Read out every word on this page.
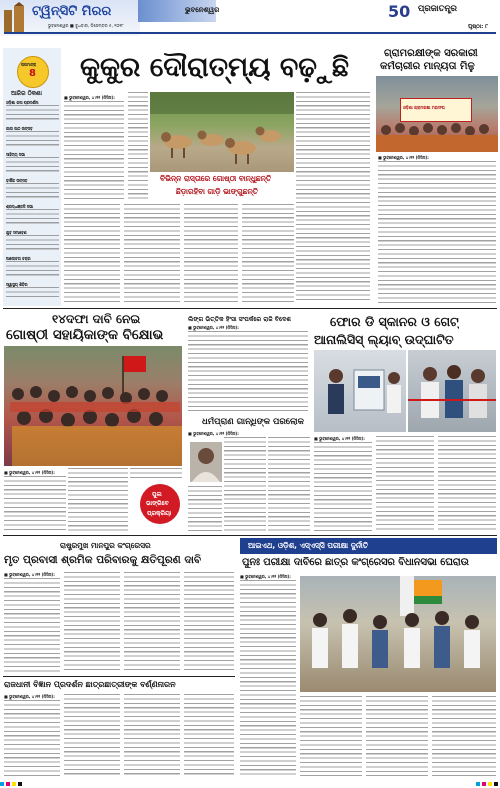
ଟ୍ୱିନ୍‌ସିଟି ମିରର	ଭୁବନେଶ୍ୱର
ଭୁବନେଶ୍ୱର ■ ବୁଧବାର, ଡିସେମ୍ବର ୫, ୨୦୧୮
50 ପ୍ରଜାତନ୍ତ୍ର
ପୃଷ୍ଠା: ୮
ତାପମାତ୍ରା
8
ଆଜିର ଠିକଣା
ଓଡ଼ିଶା କଳା ପ୍ରଦର୍ଶନୀ
ଗୀତା ପାଠ ଉତ୍ସବ
ସାହିତ୍ୟ ସଭା
ବାର୍ଷିକ ଉତ୍ସବ
ଶ୍ରଦ୍ଧାଞ୍ଜଳି ସଭା
ଯୁବ ସମାବେଶ
ଆଲୋଚନା ଚକ୍ର
ସ୍ୱାସ୍ଥ୍ୟ ଶିବିର
କୁକୁର ଦୌରାତ୍ମ୍ୟ ବଢ଼ୁଛି
■ ଭୁବନେଶ୍ୱର, ୪।୧୨ (ନିସିସ):
ବିଭିନ୍ନ ରାସ୍ତାରେ ଗୋଷ୍ଠୀ ବାନ୍ଧୁଛନ୍ତି
ଛିଡ଼ାରହିବା ଗାଡ଼ି ଭାଙ୍ଗୁଛନ୍ତି
ଗ୍ରାମରକ୍ଷୀଙ୍କ ସରକାରୀ
କର୍ମଚାରୀର ମାନ୍ୟତା ମିଳୁ
ଓଡ଼ିଶା ଗ୍ରାମରକ୍ଷୀ ମହାସଂଘ
■ ଭୁବନେଶ୍ୱର, ୪।୧୨ (ନିସିସ):
୧୪ଦଫା ଦାବି ନେଇ
ଗୋଷ୍ଠୀ ସହାୟିକାଙ୍କ ବିକ୍ଷୋଭ
■ ଭୁବନେଶ୍ୱର, ୪।୧୨ (ନିସିସ):
ପୁଲ
ଭାଙ୍ଗିବେ
ପ୍ରକ୍ରିୟା
ଲିଙ୍ଗ ଭିତ୍ତିକ ହିଂସା ସଂପର୍କରେ ରାଜି ବିଦେଶ
■ ଭୁବନେଶ୍ୱର, ୪।୧୨ (ନିସିସ):
ଧର୍ମପ୍ରାଣ ଗାନ୍ଧିଙ୍କ ପରଲୋକ
■ ଭୁବନେଶ୍ୱର, ୪।୧୨ (ନିସିସ):
ଫୋର ଡି ସ୍କାନର ଓ ଗେଟ୍
ଆନାଲିସିସ୍ ଲ୍ୟାବ୍ ଉଦ୍‌ଘାଟିତ
■ ଭୁବନେଶ୍ୱର, ୪।୧୨ (ନିସିସ):
ରାଷ୍ଟ୍ରମୁଖ ମାନପୁର କଂଗ୍ରେସର
ମୃତ ପ୍ରବାସୀ ଶ୍ରମିକ ପରିବାରକୁ କ୍ଷତିପୂରଣ ଦାବି
■ ଭୁବନେଶ୍ୱର, ୪।୧୨ (ନିସିସ):
ରାଜଧାନୀ ବିଜ୍ଞାନ ପ୍ରଦର୍ଶନ ଛାତ୍ରଛାତ୍ରୀଙ୍କ ବର୍ଣ୍ଣନାରନ
■ ଭୁବନେଶ୍ୱର, ୪।୧୨ (ନିସିସ):
ଆଇଏଥ, ଓଡ଼ିଶ, ଏସ୍‌ଏସ୍‌ସି ପରୀକ୍ଷା ଦୁର୍ନୀତି
ପୁନଃ ପରୀକ୍ଷା ଦାବିରେ ଛାତ୍ର କଂଗ୍ରେସର ବିଧାନସଭା ଘେରାଉ
■ ଭୁବନେଶ୍ୱର, ୪।୧୨ (ନିସିସ):
